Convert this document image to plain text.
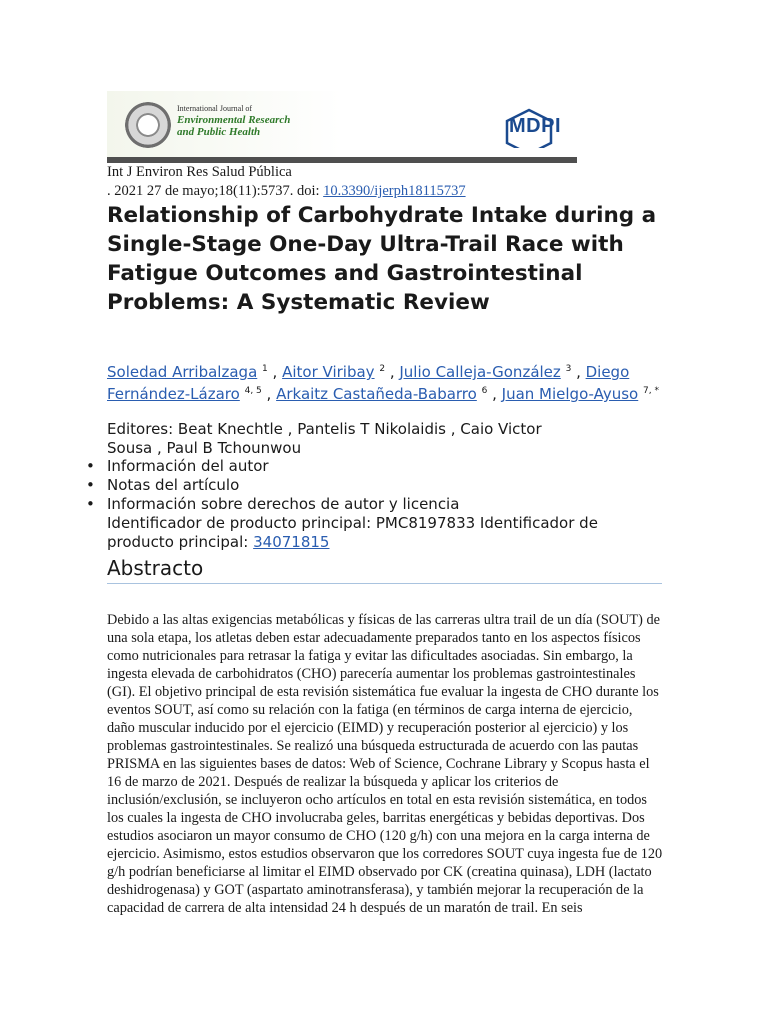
International Journal of
Environmental Research
and Public Health	MDPI
Int J Environ Res Salud Pública
. 2021 27 de mayo;18(11):5737. doi: 10.3390/ijerph18115737
Relationship of Carbohydrate Intake during a Single-Stage One-Day Ultra-Trail Race with Fatigue Outcomes and Gastrointestinal Problems: A Systematic Review
Soledad Arribalzaga $^1$ , Aitor Viribay $^2$ , Julio Calleja-González $^3$ , Diego Fernández-Lázaro $^{4, 5}$ , Arkaitz Castañeda-Babarro $^6$ , Juan Mielgo-Ayuso $^{7, *}$
Editores: Beat Knechtle , Pantelis T Nikolaidis , Caio Victor Sousa , Paul B Tchounwou
• Información del autor
• Notas del artículo
• Información sobre derechos de autor y licencia
Identificador de producto principal: PMC8197833 Identificador de producto principal: 34071815
Abstracto

Debido a las altas exigencias metabólicas y físicas de las carreras ultra trail de un día (SOUT) de una sola etapa, los atletas deben estar adecuadamente preparados tanto en los aspectos físicos como nutricionales para retrasar la fatiga y evitar las dificultades asociadas. Sin embargo, la ingesta elevada de carbohidratos (CHO) parecería aumentar los problemas gastrointestinales (GI). El objetivo principal de esta revisión sistemática fue evaluar la ingesta de CHO durante los eventos SOUT, así como su relación con la fatiga (en términos de carga interna de ejercicio, daño muscular inducido por el ejercicio (EIMD) y recuperación posterior al ejercicio) y los problemas gastrointestinales. Se realizó una búsqueda estructurada de acuerdo con las pautas PRISMA en las siguientes bases de datos: Web of Science, Cochrane Library y Scopus hasta el 16 de marzo de 2021. Después de realizar la búsqueda y aplicar los criterios de inclusión/exclusión, se incluyeron ocho artículos en total en esta revisión sistemática, en todos los cuales la ingesta de CHO involucraba geles, barritas energéticas y bebidas deportivas. Dos estudios asociaron un mayor consumo de CHO (120 g/h) con una mejora en la carga interna de ejercicio. Asimismo, estos estudios observaron que los corredores SOUT cuya ingesta fue de 120 g/h podrían beneficiarse al limitar el EIMD observado por CK (creatina quinasa), LDH (lactato deshidrogenasa) y GOT (aspartato aminotransferasa), y también mejorar la recuperación de la capacidad de carrera de alta intensidad 24 h después de un maratón de trail. En seis
